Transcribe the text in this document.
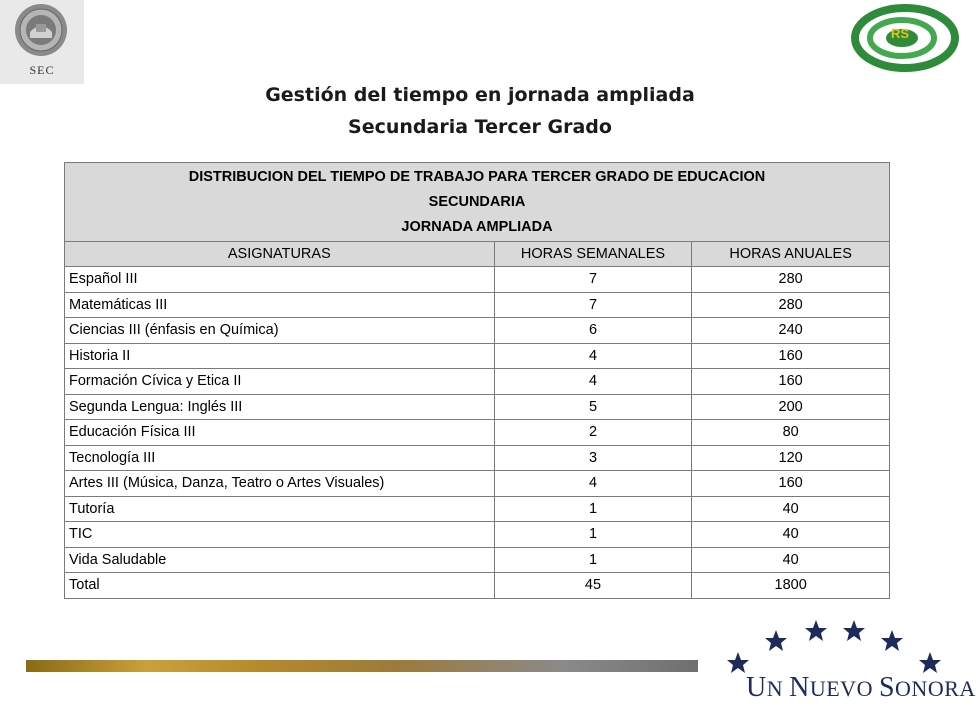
SEC
RS
Gestión del tiempo en jornada ampliada
Secundaria Tercer Grado
DISTRIBUCION DEL TIEMPO DE TRABAJO PARA TERCER GRADO DE EDUCACION
SECUNDARIA
JORNADA AMPLIADA		

ASIGNATURAS	HORAS SEMANALES	HORAS ANUALES
Español III	7	280
Matemáticas III	7	280
Ciencias III (énfasis en Química)	6	240
Historia II	4	160
Formación Cívica y Etica II	4	160
Segunda Lengua: Inglés III	5	200
Educación Física III	2	80
Tecnología III	3	120
Artes III (Música, Danza, Teatro o Artes Visuales)	4	160
Tutoría	1	40
TIC	1	40
Vida Saludable	1	40
Total	45	1800
UN NUEVO SONORA
